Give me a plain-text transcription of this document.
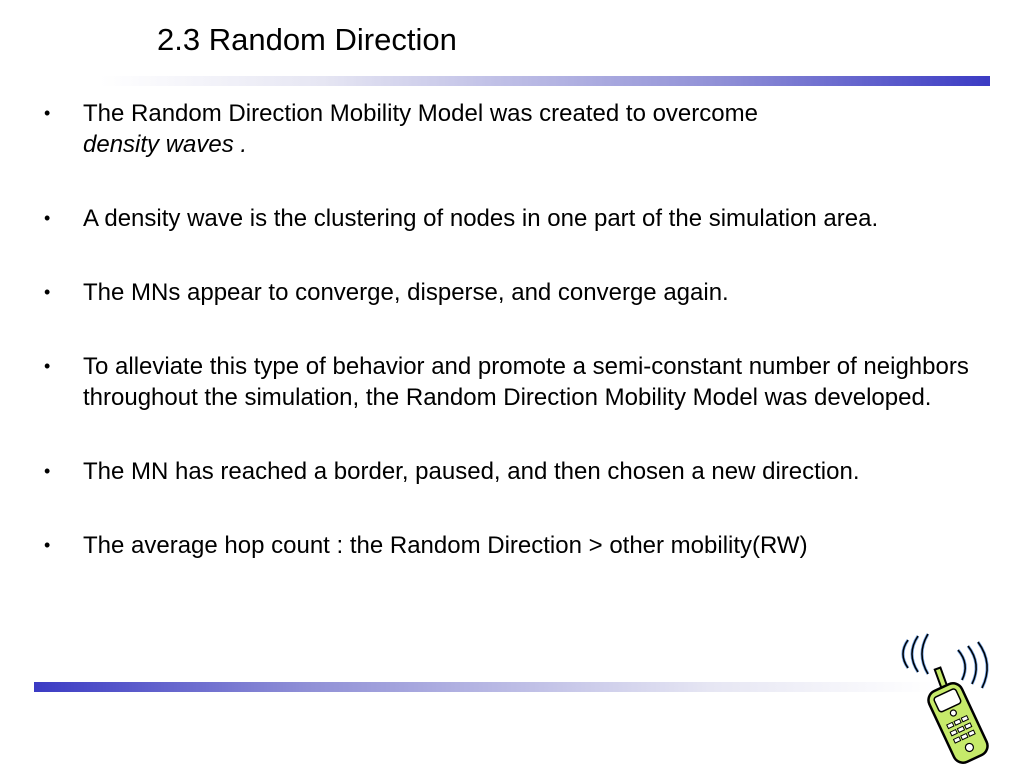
2.3 Random Direction
• The Random Direction Mobility Model was created to overcome
density waves .
• A density wave is the clustering of nodes in one part of the simulation area.
• The MNs appear to converge, disperse, and converge again.
• To alleviate this type of behavior and promote a semi-constant number of neighbors throughout the simulation, the Random Direction Mobility Model was developed.
• The MN has reached a border, paused, and then chosen a new direction.
• The average hop count : the Random Direction > other mobility(RW)
